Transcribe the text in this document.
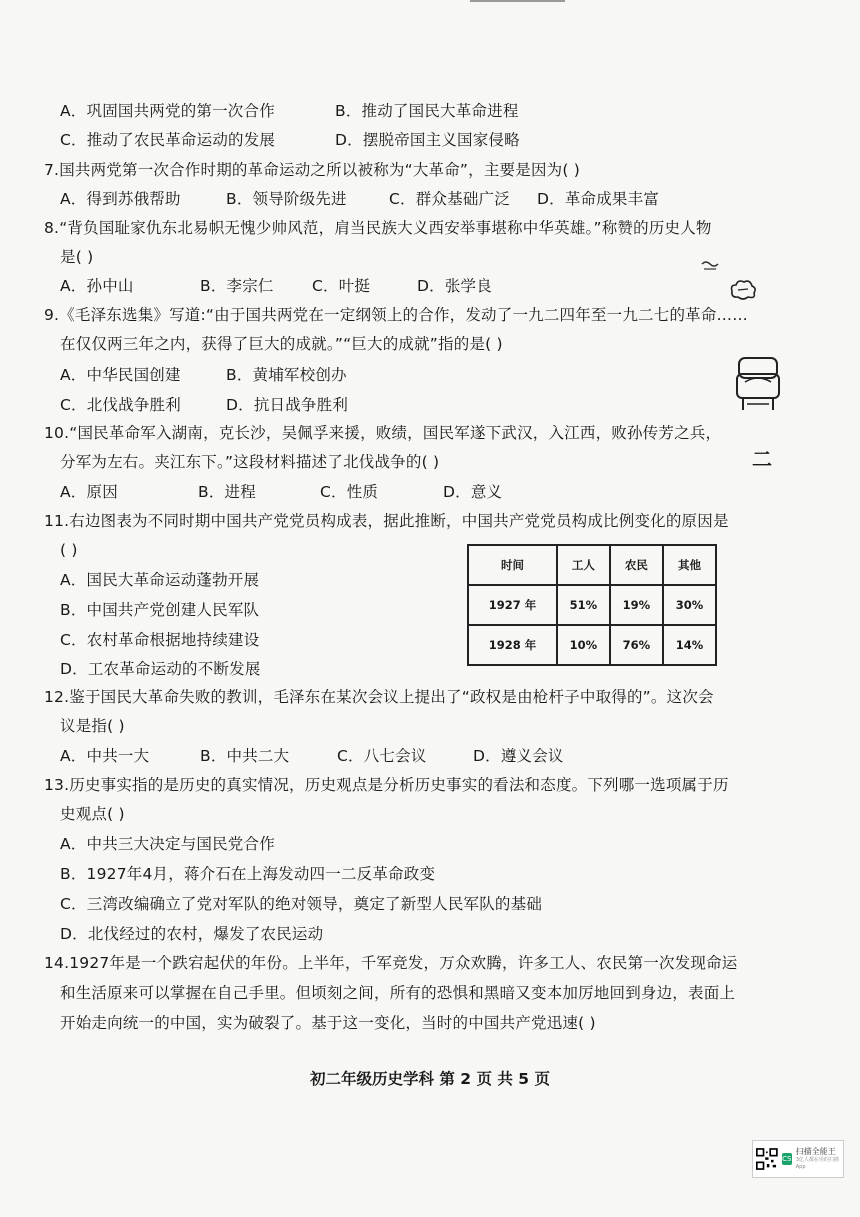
A．巩固国共两党的第一次合作	B．推动了国民大革命进程
C．推动了农民革命运动的发展	D．摆脱帝国主义国家侵略
7.国共两党第一次合作时期的革命运动之所以被称为“大革命”，主要是因为( )
A．得到苏俄帮助	B．领导阶级先进	C．群众基础广泛 D．革命成果丰富
8.“背负国耻家仇东北易帜无愧少帅风范，肩当民族大义西安举事堪称中华英雄。”称赞的历史人物
是( )
A．孙中山	B．李宗仁 C．叶挺	D．张学良
9.《毛泽东选集》写道:“由于国共两党在一定纲领上的合作，发动了一九二四年至一九二七的革命……
在仅仅两三年之内，获得了巨大的成就。”“巨大的成就”指的是( )
A．中华民国创建	B．黄埔军校创办
C．北伐战争胜利	D．抗日战争胜利
10.“国民革命军入湖南，克长沙，吴佩孚来援，败绩，国民军遂下武汉，入江西，败孙传芳之兵，
分军为左右。夹江东下。”这段材料描述了北伐战争的( )
A．原因	B．进程	C．性质	D．意义
11.右边图表为不同时期中国共产党党员构成表，据此推断，中国共产党党员构成比例变化的原因是
( )
A．国民大革命运动蓬勃开展
B．中国共产党创建人民军队
C．农村革命根据地持续建设
D．工农革命运动的不断发展
12.鉴于国民大革命失败的教训，毛泽东在某次会议上提出了“政权是由枪杆子中取得的”。这次会
议是指( )
A．中共一大	B．中共二大	C．八七会议	D．遵义会议
13.历史事实指的是历史的真实情况，历史观点是分析历史事实的看法和态度。下列哪一选项属于历
史观点( )
A．中共三大决定与国民党合作
B．1927年4月，蒋介石在上海发动四一二反革命政变
C．三湾改编确立了党对军队的绝对领导，奠定了新型人民军队的基础
D．北伐经过的农村，爆发了农民运动
14.1927年是一个跌宕起伏的年份。上半年，千军竞发，万众欢腾，许多工人、农民第一次发现命运
和生活原来可以掌握在自己手里。但顷刻之间，所有的恐惧和黑暗又变本加厉地回到身边，表面上
开始走向统一的中国，实为破裂了。基于这一变化，当时的中国共产党迅速( )
时间	工人	农民	其他
1927 年	51%	19%	30%
1928 年	10%	76%	14%
初二年级历史学科 第 2 页 共 5 页
二
CS
扫描全能王
3亿人都在用的扫描App
